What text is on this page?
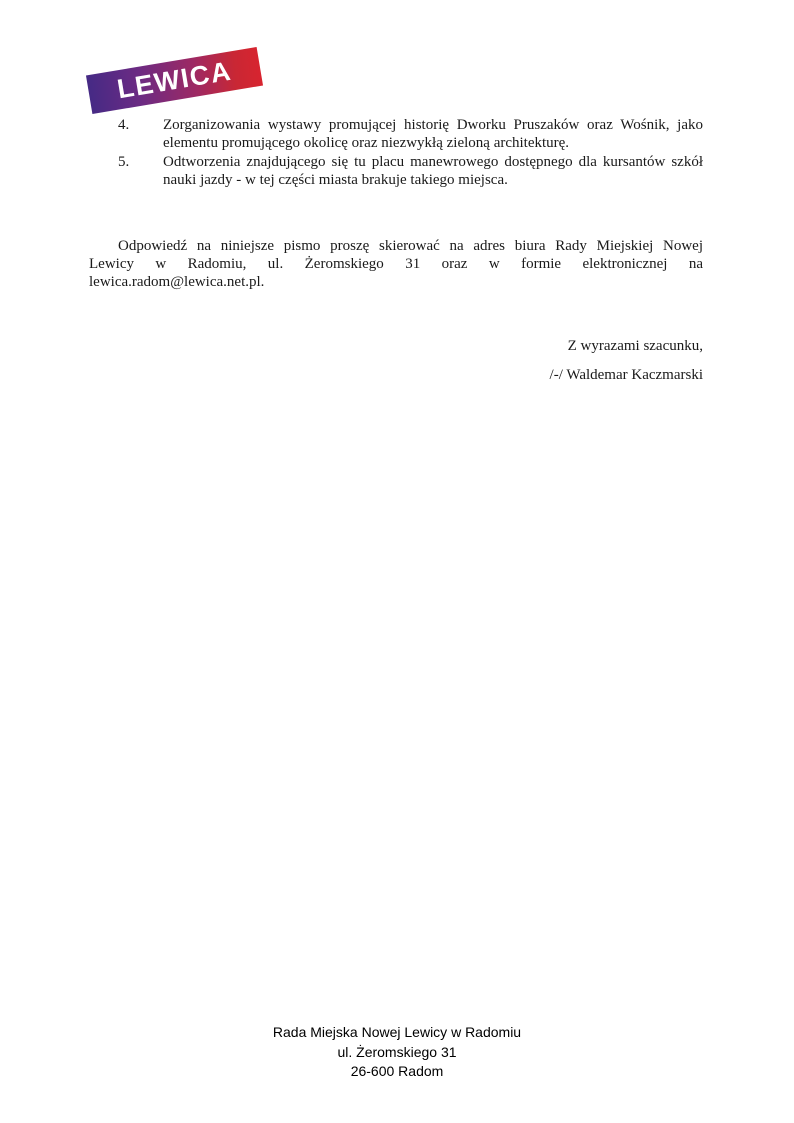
LEWICA
4. Zorganizowania wystawy promującej historię Dworku Pruszaków oraz Wośnik, jako
elementu promującego okolicę oraz niezwykłą zieloną architekturę.
5. Odtworzenia znajdującego się tu placu manewrowego dostępnego dla kursantów szkół
nauki jazdy - w tej części miasta brakuje takiego miejsca.
Odpowiedź na niniejsze pismo proszę skierować na adres biura Rady Miejskiej Nowej
Lewicy w Radomiu, ul. Żeromskiego 31 oraz w formie elektronicznej na
lewica.radom@lewica.net.pl.
Z wyrazami szacunku,
/-/ Waldemar Kaczmarski
Rada Miejska Nowej Lewicy w Radomiu
ul. Żeromskiego 31
26-600 Radom
